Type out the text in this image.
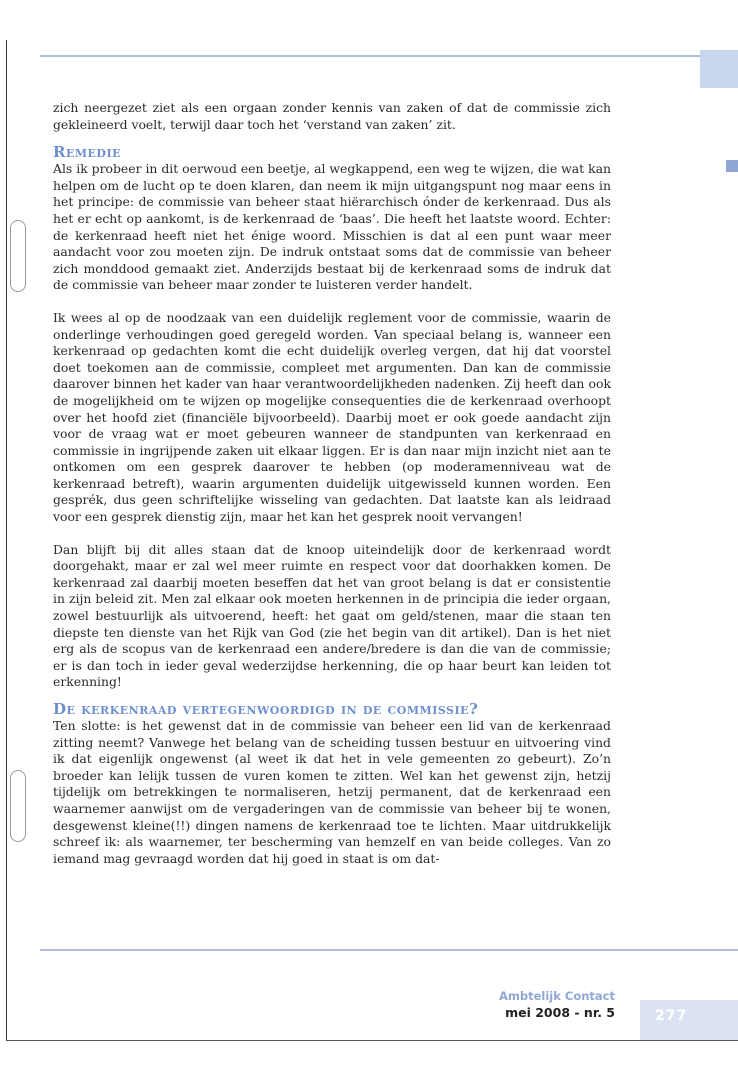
zich neergezet ziet als een orgaan zonder kennis van zaken of dat de commissie zich gekleineerd voelt, terwijl daar toch het ‘verstand van zaken’ zit.

Remedie

Als ik probeer in dit oerwoud een beetje, al wegkappend, een weg te wijzen, die wat kan helpen om de lucht op te doen klaren, dan neem ik mijn uitgangspunt nog maar eens in het principe: de commissie van beheer staat hiërarchisch ónder de kerkenraad. Dus als het er echt op aankomt, is de kerkenraad de ‘baas’. Die heeft het laatste woord. Echter: de kerkenraad heeft niet het énige woord. Misschien is dat al een punt waar meer aandacht voor zou moeten zijn. De indruk ontstaat soms dat de commissie van beheer zich monddood gemaakt ziet. Anderzijds bestaat bij de kerkenraad soms de indruk dat de commissie van beheer maar zonder te luisteren verder handelt.

Ik wees al op de noodzaak van een duidelijk reglement voor de commissie, waarin de onderlinge verhoudingen goed geregeld worden. Van speciaal belang is, wanneer een kerkenraad op gedachten komt die echt duidelijk overleg vergen, dat hij dat voorstel doet toekomen aan de commissie, compleet met argumenten. Dan kan de commissie daarover binnen het kader van haar verantwoordelijkheden nadenken. Zij heeft dan ook de mogelijkheid om te wijzen op mogelijke consequenties die de kerkenraad overhoopt over het hoofd ziet (financiële bijvoorbeeld). Daarbij moet er ook goede aandacht zijn voor de vraag wat er moet gebeuren wanneer de standpunten van kerkenraad en commissie in ingrijpende zaken uit elkaar liggen. Er is dan naar mijn inzicht niet aan te ontkomen om een gesprek daarover te hebben (op moderamenniveau wat de kerkenraad betreft), waarin argumenten duidelijk uitgewisseld kunnen worden. Een gesprék, dus geen schriftelijke wisseling van gedachten. Dat laatste kan als leidraad voor een gesprek dienstig zijn, maar het kan het gesprek nooit vervangen!

Dan blijft bij dit alles staan dat de knoop uiteindelijk door de kerkenraad wordt doorgehakt, maar er zal wel meer ruimte en respect voor dat doorhakken komen. De kerkenraad zal daarbij moeten beseffen dat het van groot belang is dat er consistentie in zijn beleid zit. Men zal elkaar ook moeten herkennen in de principia die ieder orgaan, zowel bestuurlijk als uitvoerend, heeft: het gaat om geld/stenen, maar die staan ten diepste ten dienste van het Rijk van God (zie het begin van dit artikel). Dan is het niet erg als de scopus van de kerkenraad een andere/bredere is dan die van de commissie; er is dan toch in ieder geval wederzijdse herkenning, die op haar beurt kan leiden tot erkenning!

De kerkenraad vertegenwoordigd in de commissie?

Ten slotte: is het gewenst dat in de commissie van beheer een lid van de kerkenraad zitting neemt? Vanwege het belang van de scheiding tussen bestuur en uitvoering vind ik dat eigenlijk ongewenst (al weet ik dat het in vele gemeenten zo gebeurt). Zo’n broeder kan lelijk tussen de vuren komen te zitten. Wel kan het gewenst zijn, hetzij tijdelijk om betrekkingen te normaliseren, hetzij permanent, dat de kerkenraad een waarnemer aanwijst om de vergaderingen van de commissie van beheer bij te wonen, desgewenst kleine(!!) dingen namens de kerkenraad toe te lichten. Maar uitdrukkelijk schreef ik: als waarnemer, ter bescherming van hemzelf en van beide colleges. Van zo iemand mag gevraagd worden dat hij goed in staat is om dat-

Ambtelijk Contact
mei 2008 - nr. 5	277
